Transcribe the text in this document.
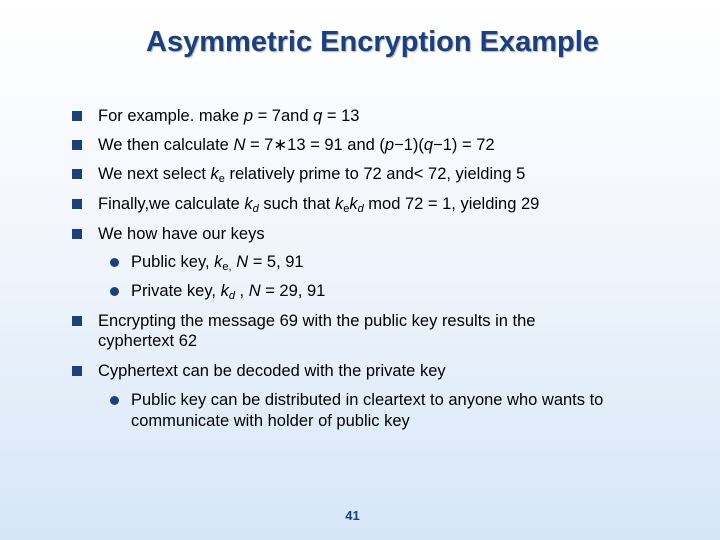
Asymmetric Encryption Example
For example. make p = 7and q = 13
We then calculate N = 7∗13 = 91 and (p−1)(q−1) = 72
We next select $k_e$ relatively prime to 72 and< 72, yielding 5
Finally,we calculate $k_d$ such that $k_ek_d$ mod 72 = 1, yielding 29
We how have our keys
Public key, $k_{e,}$ N = 5, 91
Private key, $k_d$ , N = 29, 91
Encrypting the message 69 with the public key results in the cyphertext 62
Cyphertext can be decoded with the private key
Public key can be distributed in cleartext to anyone who wants to communicate with holder of public key
41
